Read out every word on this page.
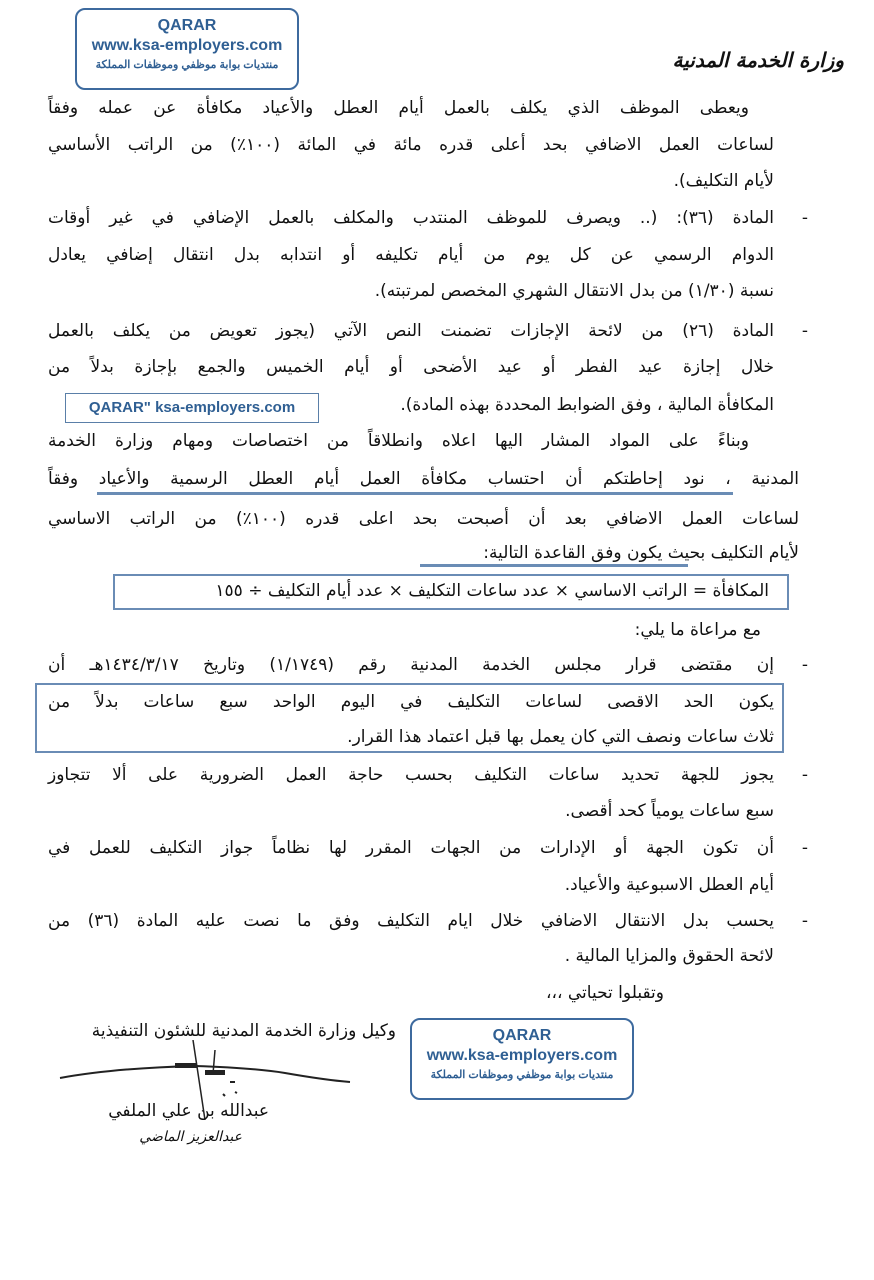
وزارة الخدمة المدنية
QARAR
www.ksa-employers.com
منتديات بوابة موظفي وموظفات المملكة
ويعطى الموظف الذي يكلف بالعمل أيام العطل والأعياد مكافأة عن عمله وفقاً
لساعات العمل الاضافي بحد أعلى قدره مائة في المائة (١٠٠٪) من الراتب الأساسي
لأيام التكليف).
-
المادة (٣٦): (.. ويصرف للموظف المنتدب والمكلف بالعمل الإضافي في غير أوقات
الدوام الرسمي عن كل يوم من أيام تكليفه أو انتدابه بدل انتقال إضافي يعادل
نسبة (١/٣٠) من بدل الانتقال الشهري المخصص لمرتبته).
-
المادة (٢٦) من لائحة الإجازات تضمنت النص الآتي (يجوز تعويض من يكلف بالعمل
خلال إجازة عيد الفطر أو عيد الأضحى أو أيام الخميس والجمع بإجازة بدلاً من
المكافأة المالية ، وفق الضوابط المحددة بهذه المادة).
QARAR" ksa-employers.com
وبناءً على المواد المشار اليها اعلاه وانطلاقاً من اختصاصات ومهام وزارة الخدمة
المدنية ، نود إحاطتكم أن احتساب مكافأة العمل أيام العطل الرسمية والأعياد وفقاً
لساعات العمل الاضافي بعد أن أصبحت بحد اعلى قدره (١٠٠٪) من الراتب الاساسي
لأيام التكليف بحيث يكون وفق القاعدة التالية:
المكافأة = الراتب الاساسي × عدد ساعات التكليف × عدد أيام التكليف ÷ ١٥٥
مع مراعاة ما يلي:
-
إن مقتضى قرار مجلس الخدمة المدنية رقم (١/١٧٤٩) وتاريخ ١٤٣٤/٣/١٧هـ أن
يكون الحد الاقصى لساعات التكليف في اليوم الواحد سبع ساعات بدلاً من
ثلاث ساعات ونصف التي كان يعمل بها قبل اعتماد هذا القرار.
-
يجوز للجهة تحديد ساعات التكليف بحسب حاجة العمل الضرورية على ألا تتجاوز
سبع ساعات يومياً كحد أقصى.
-
أن تكون الجهة أو الإدارات من الجهات المقرر لها نظاماً جواز التكليف للعمل في
أيام العطل الاسبوعية والأعياد.
-
يحسب بدل الانتقال الاضافي خلال ايام التكليف وفق ما نصت عليه المادة (٣٦) من
لائحة الحقوق والمزايا المالية .
وتقبلوا تحياتي ،،،
وكيل وزارة الخدمة المدنية للشئون التنفيذية
عبدالله بن علي الملفي
عبدالعزيز الماضي
QARAR
www.ksa-employers.com
منتديات بوابة موظفي وموظفات المملكة
